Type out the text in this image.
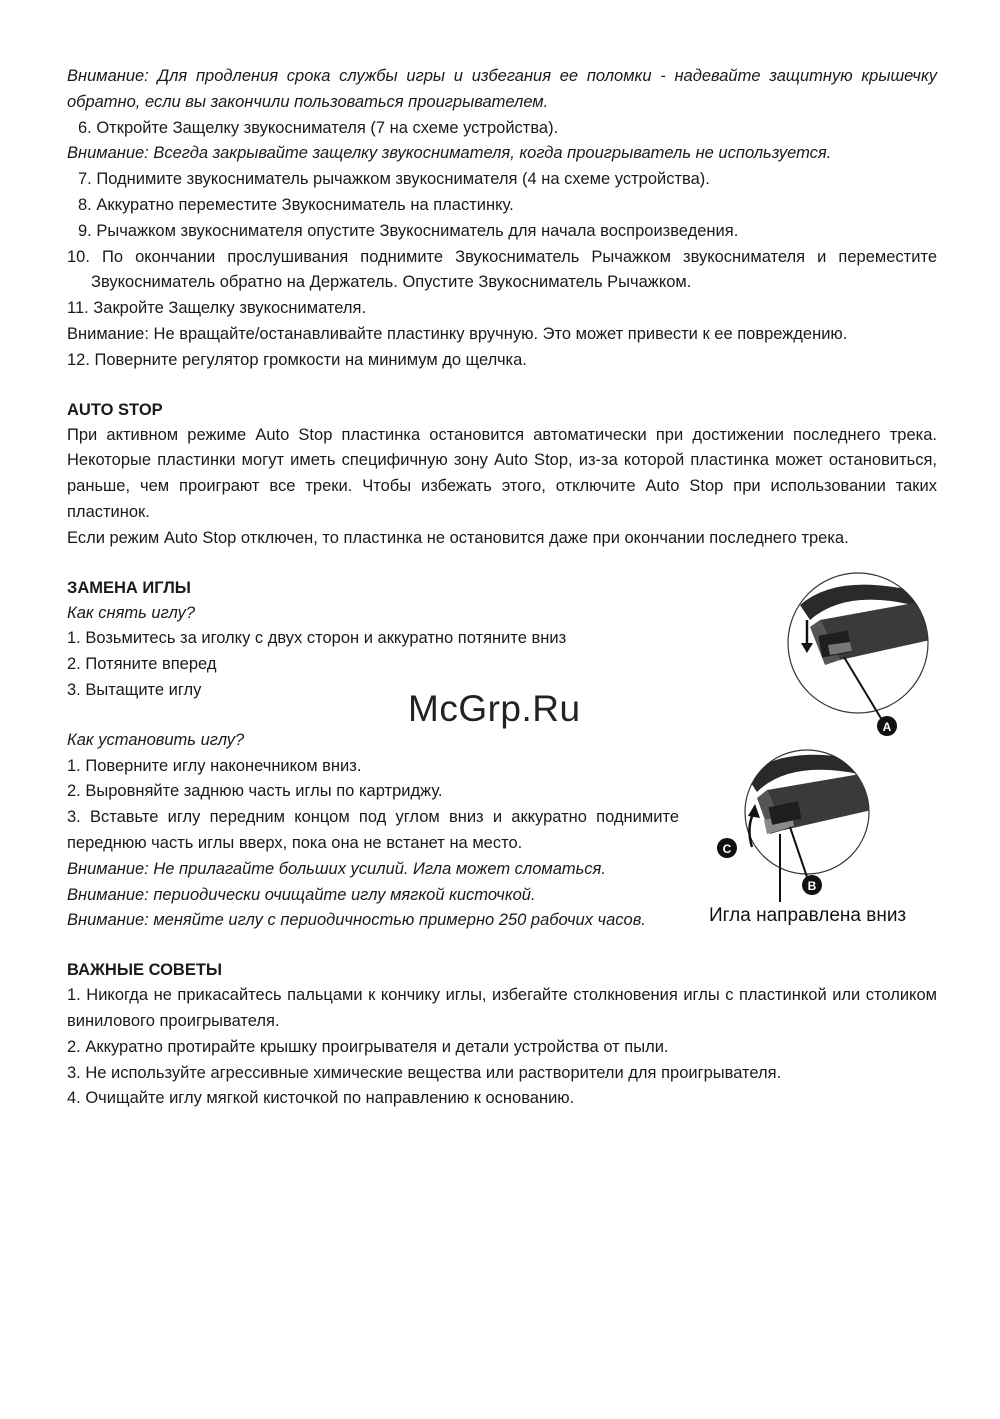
Внимание: Для продления срока службы игры и избегания ее поломки - надевайте защитную крышечку обратно, если вы закончили пользоваться проигрывателем.

6. Откройте Защелку звукоснимателя (7 на схеме устройства).

Внимание: Всегда закрывайте защелку звукоснимателя, когда проигрыватель не используется.

7. Поднимите звукосниматель рычажком звукоснимателя (4 на схеме устройства).

8. Аккуратно переместите Звукосниматель на пластинку.

9. Рычажком звукоснимателя опустите Звукосниматель для начала воспроизведения.

10. По окончании прослушивания поднимите Звукосниматель Рычажком звукоснимателя и переместите Звукосниматель обратно на Держатель. Опустите Звукосниматель Рычажком.

11. Закройте Защелку звукоснимателя.

Внимание: Не вращайте/останавливайте пластинку вручную. Это может привести к ее повреждению.

12. Поверните регулятор громкости на минимум до щелчка.

AUTO STOP

При активном режиме Auto Stop пластинка остановится автоматически при достижении последнего трека. Некоторые пластинки могут иметь специфичную зону Auto Stop, из-за которой пластинка может остановиться, раньше, чем проиграют все треки. Чтобы избежать этого, отключите Auto Stop при использовании таких пластинок.

Если режим Auto Stop отключен, то пластинка не остановится даже при окончании последнего трека.

ЗАМЕНА ИГЛЫ

Как снять иглу?

1. Возьмитесь за иголку с двух сторон и аккуратно потяните вниз

2. Потяните вперед

3. Вытащите иглу

Как установить иглу?

1. Поверните иглу наконечником вниз.

2. Выровняйте заднюю часть иглы по картриджу.

3. Вставьте иглу передним концом под углом вниз и аккуратно поднимите переднюю часть иглы вверх, пока она не встанет на место.

Внимание: Не прилагайте больших усилий. Игла может сломаться.

Внимание: периодически очищайте иглу мягкой кисточкой.

Внимание: меняйте иглу с периодичностью примерно 250 рабочих часов.

ВАЖНЫЕ СОВЕТЫ

1. Никогда не прикасайтесь пальцами к кончику иглы, избегайте столкновения иглы с пластинкой или столиком винилового проигрывателя.

2. Аккуратно протирайте крышку проигрывателя и детали устройства от пыли.

3. Не используйте агрессивные химические вещества или растворители для проигрывателя.

4. Очищайте иглу мягкой кисточкой по направлению к основанию.

A
C
B
Игла направлена вниз
McGrp.Ru
